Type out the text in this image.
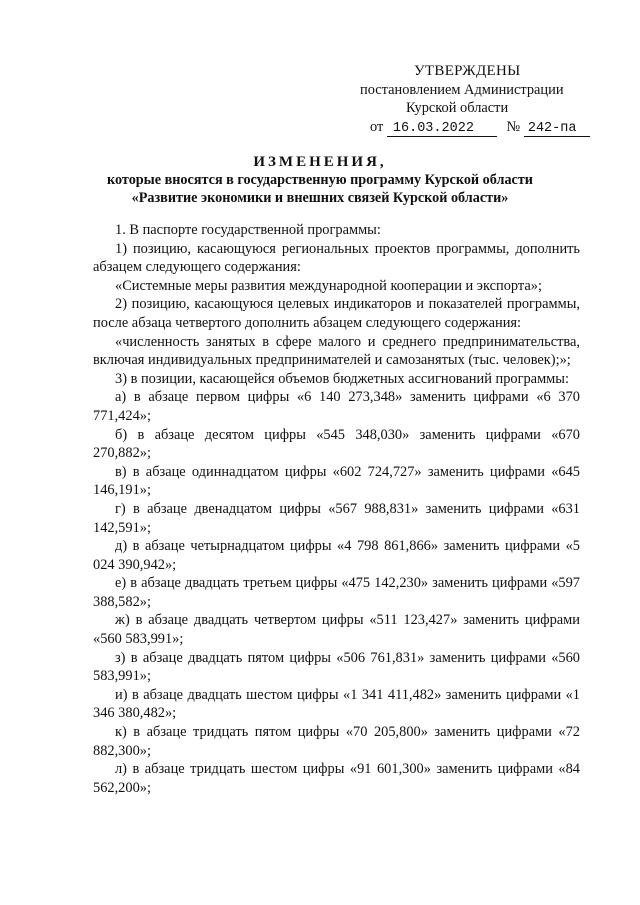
УТВЕРЖДЕНЫ
постановлением Администрации
Курской области
от 16.03.2022 № 242-па
ИЗМЕНЕНИЯ,
которые вносятся в государственную программу Курской области
«Развитие экономики и внешних связей Курской области»

1. В паспорте государственной программы:

1) позицию, касающуюся региональных проектов программы, дополнить абзацем следующего содержания:

«Системные меры развития международной кооперации и экспорта»;

2) позицию, касающуюся целевых индикаторов и показателей программы, после абзаца четвертого дополнить абзацем следующего содержания:

«численность занятых в сфере малого и среднего предпринимательства, включая индивидуальных предпринимателей и самозанятых (тыс. человек);»;

3) в позиции, касающейся объемов бюджетных ассигнований программы:

а) в абзаце первом цифры «6 140 273,348» заменить цифрами «6 370 771,424»;

б) в абзаце десятом цифры «545 348,030» заменить цифрами «670 270,882»;

в) в абзаце одиннадцатом цифры «602 724,727» заменить цифрами «645 146,191»;

г) в абзаце двенадцатом цифры «567 988,831» заменить цифрами «631 142,591»;

д) в абзаце четырнадцатом цифры «4 798 861,866» заменить цифрами «5 024 390,942»;

е) в абзаце двадцать третьем цифры «475 142,230» заменить цифрами «597 388,582»;

ж) в абзаце двадцать четвертом цифры «511 123,427» заменить цифрами «560 583,991»;

з) в абзаце двадцать пятом цифры «506 761,831» заменить цифрами «560 583,991»;

и) в абзаце двадцать шестом цифры «1 341 411,482» заменить цифрами «1 346 380,482»;

к) в абзаце тридцать пятом цифры «70 205,800» заменить цифрами «72 882,300»;

л) в абзаце тридцать шестом цифры «91 601,300» заменить цифрами «84 562,200»;
